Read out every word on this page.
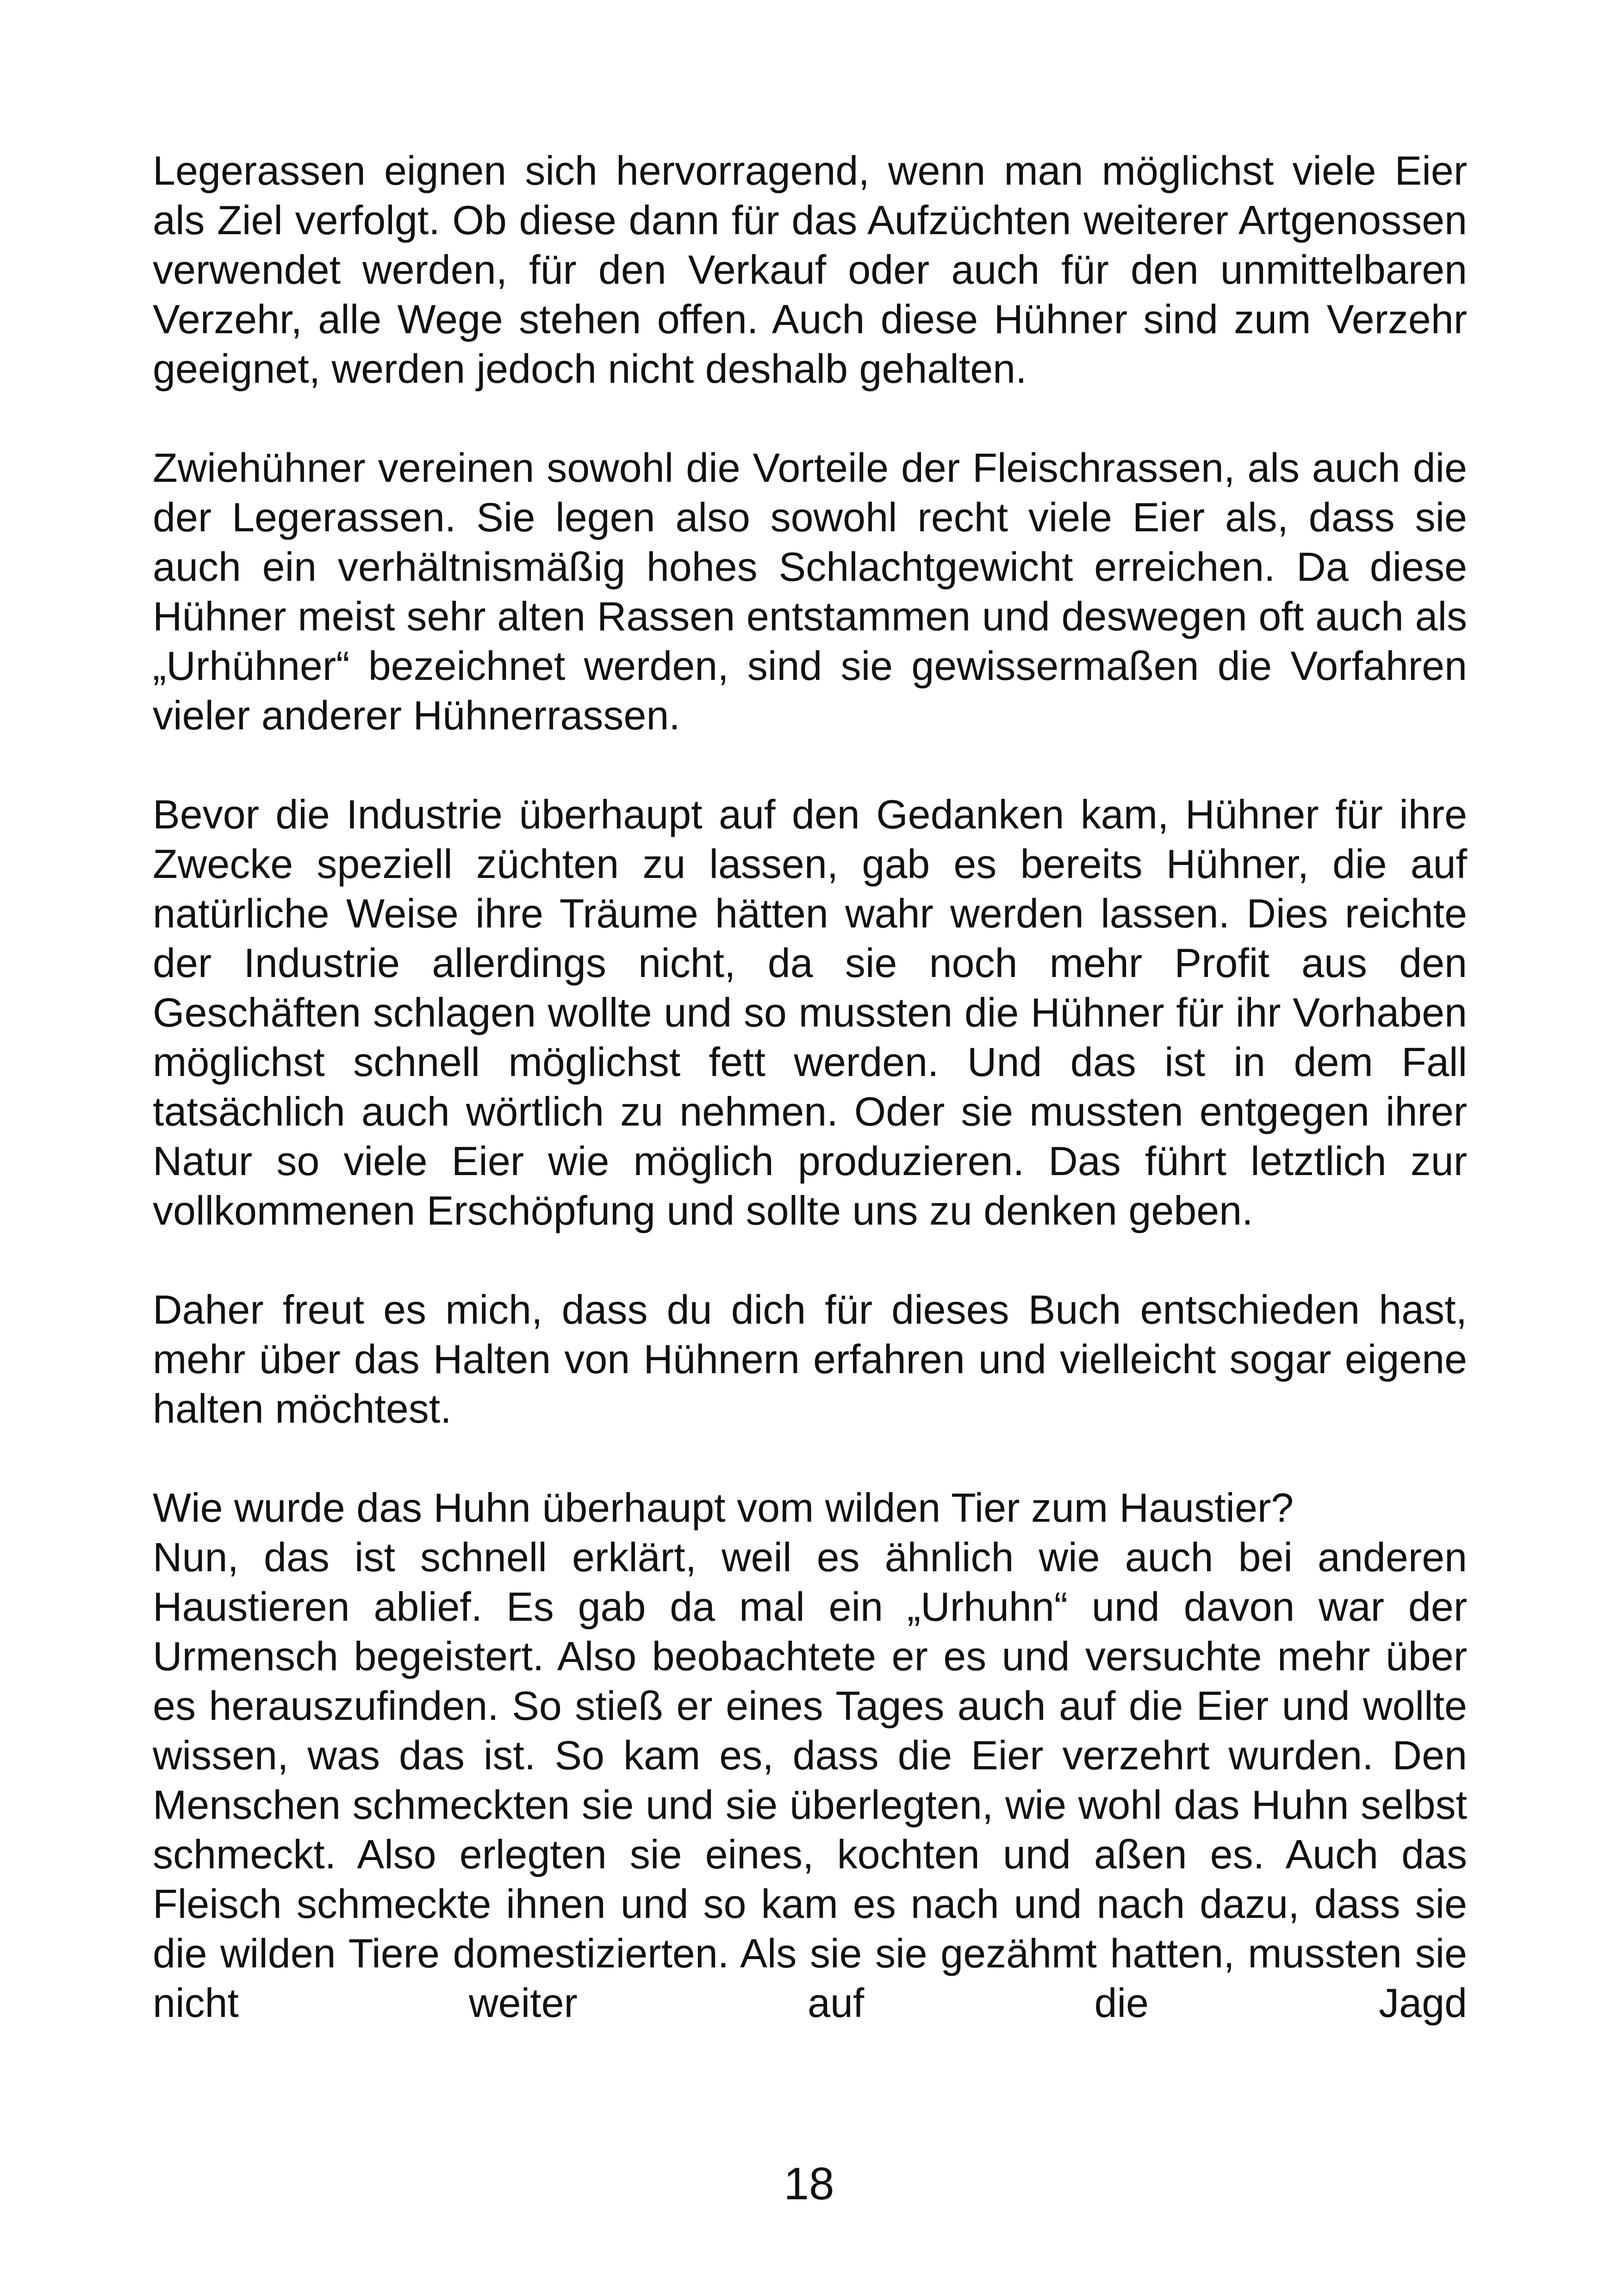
Legerassen eignen sich hervorragend, wenn man möglichst viele Eier als Ziel verfolgt. Ob diese dann für das Aufzüchten weiterer Artgenossen verwendet werden, für den Verkauf oder auch für den unmittelbaren Verzehr, alle Wege stehen offen. Auch diese Hühner sind zum Verzehr geeignet, werden jedoch nicht deshalb gehalten.

Zwiehühner vereinen sowohl die Vorteile der Fleischrassen, als auch die der Legerassen. Sie legen also sowohl recht viele Eier als, dass sie auch ein verhältnismäßig hohes Schlachtgewicht erreichen. Da diese Hühner meist sehr alten Rassen entstammen und deswegen oft auch als „Urhühner“ bezeichnet werden, sind sie gewissermaßen die Vorfahren vieler anderer Hühnerrassen.

Bevor die Industrie überhaupt auf den Gedanken kam, Hühner für ihre Zwecke speziell züchten zu lassen, gab es bereits Hühner, die auf natürliche Weise ihre Träume hätten wahr werden lassen. Dies reichte der Industrie allerdings nicht, da sie noch mehr Profit aus den Geschäften schlagen wollte und so mussten die Hühner für ihr Vorhaben möglichst schnell möglichst fett werden. Und das ist in dem Fall tatsächlich auch wörtlich zu nehmen. Oder sie mussten entgegen ihrer Natur so viele Eier wie möglich produzieren. Das führt letztlich zur vollkommenen Erschöpfung und sollte uns zu denken geben.

Daher freut es mich, dass du dich für dieses Buch entschieden hast, mehr über das Halten von Hühnern erfahren und vielleicht sogar eigene halten möchtest.

Wie wurde das Huhn überhaupt vom wilden Tier zum Haustier?

Nun, das ist schnell erklärt, weil es ähnlich wie auch bei anderen Haustieren ablief. Es gab da mal ein „Urhuhn“ und davon war der Urmensch begeistert. Also beobachtete er es und versuchte mehr über es herauszufinden. So stieß er eines Tages auch auf die Eier und wollte wissen, was das ist. So kam es, dass die Eier verzehrt wurden. Den Menschen schmeckten sie und sie überlegten, wie wohl das Huhn selbst schmeckt. Also erlegten sie eines, kochten und aßen es. Auch das Fleisch schmeckte ihnen und so kam es nach und nach dazu, dass sie die wilden Tiere domestizierten. Als sie sie gezähmt hatten, mussten sie nicht weiter auf die Jagd

18
